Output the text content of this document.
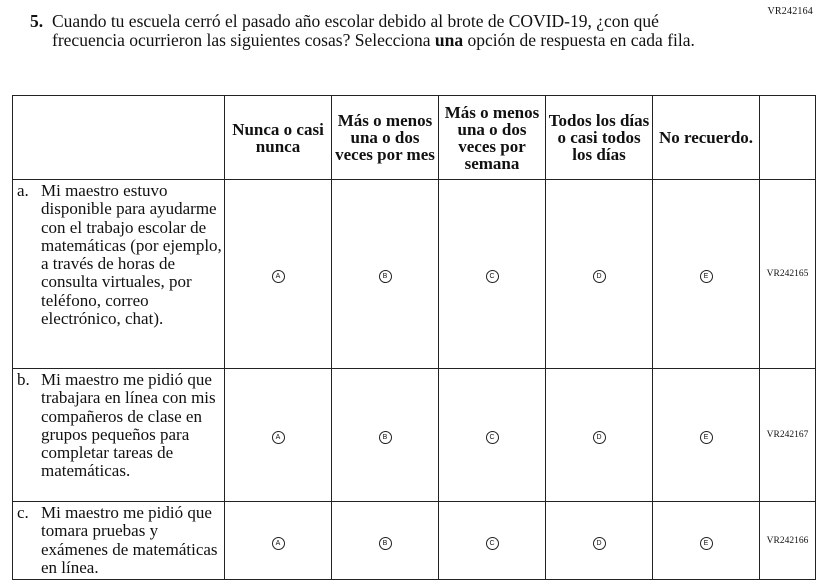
VR242164
5. Cuando tu escuela cerró el pasado año escolar debido al brote de COVID-19, ¿con qué frecuencia ocurrieron las siguientes cosas? Selecciona una opción de respuesta en cada fila.
	Nunca o casi nunca	Más o menos una o dos veces por mes	Más o menos una o dos veces por semana	Todos los días o casi todos los días	No recuerdo.	

a. Mi maestro estuvo disponible para ayudarme con el trabajo escolar de matemáticas (por ejemplo, a través de horas de consulta virtuales, por teléfono, correo electrónico, chat).	A	B	C	D	E	VR242165

b. Mi maestro me pidió que trabajara en línea con mis compañeros de clase en grupos pequeños para completar tareas de matemáticas.	A	B	C	D	E	VR242167

c. Mi maestro me pidió que tomara pruebas y exámenes de matemáticas en línea.	A	B	C	D	E	VR242166
